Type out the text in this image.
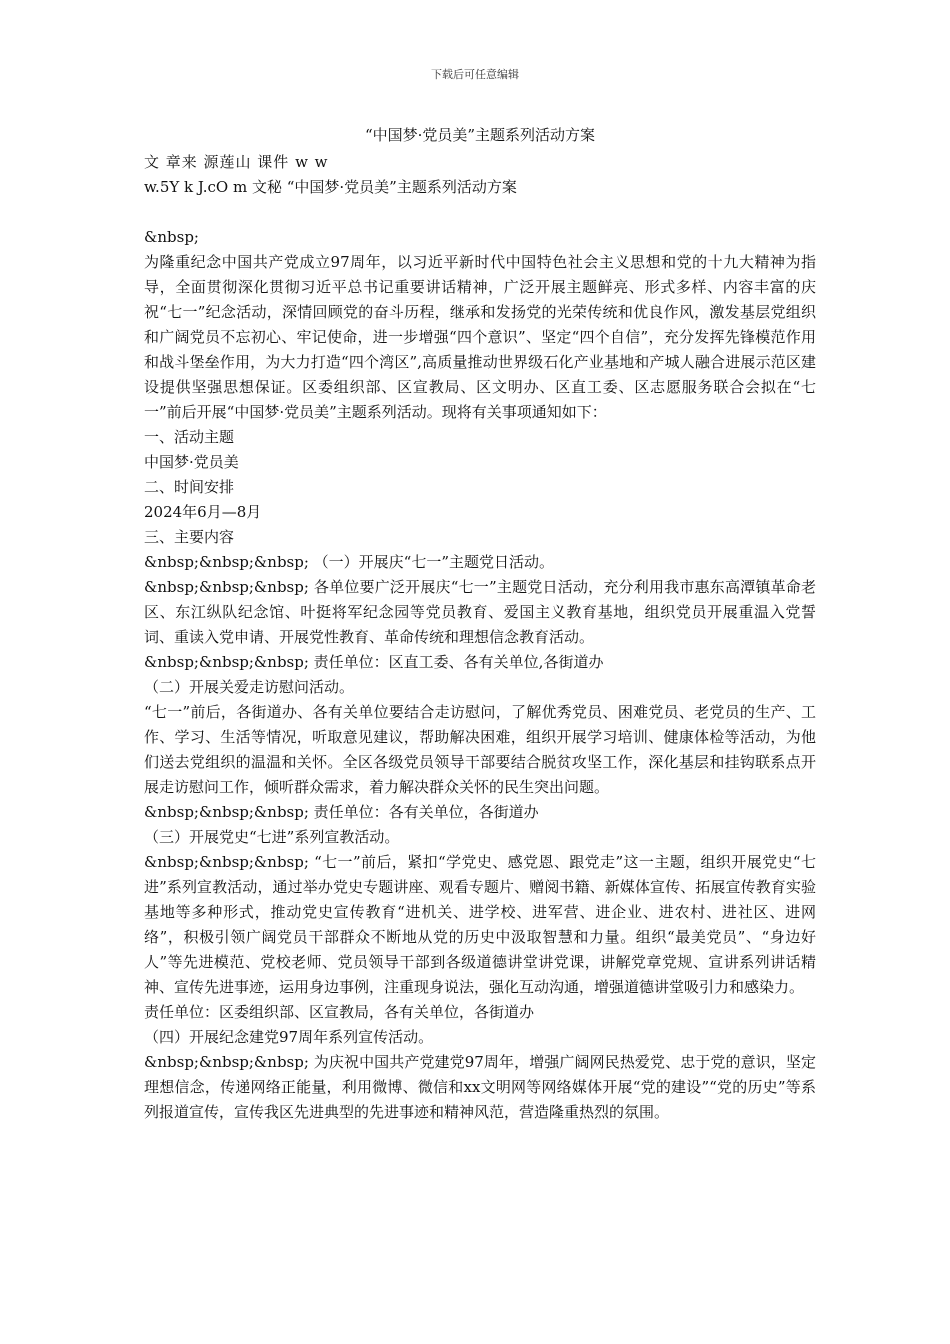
下载后可任意编辑
“中国梦·党员美”主题系列活动方案
文 章来 源莲山 课件 w w
w.5Y k J.cO m 文秘 “中国梦·党员美”主题系列活动方案
&nbsp;
为隆重纪念中国共产党成立97周年，以习近平新时代中国特色社会主义思想和党的十九大精神为指导，全面贯彻深化贯彻习近平总书记重要讲话精神，广泛开展主题鲜亮、形式多样、内容丰富的庆祝“七一”纪念活动，深情回顾党的奋斗历程，继承和发扬党的光荣传统和优良作风，激发基层党组织和广阔党员不忘初心、牢记使命，进一步增强“四个意识”、坚定“四个自信”，充分发挥先锋模范作用和战斗堡垒作用，为大力打造“四个湾区”,高质量推动世界级石化产业基地和产城人融合进展示范区建设提供坚强思想保证。区委组织部、区宣教局、区文明办、区直工委、区志愿服务联合会拟在“七一”前后开展“中国梦·党员美”主题系列活动。现将有关事项通知如下：
一、活动主题
中国梦·党员美
二、时间安排
2024年6月—8月
三、主要内容
&nbsp;&nbsp;&nbsp; （一）开展庆“七一”主题党日活动。
&nbsp;&nbsp;&nbsp; 各单位要广泛开展庆“七一”主题党日活动，充分利用我市惠东高潭镇革命老区、东江纵队纪念馆、叶挺将军纪念园等党员教育、爱国主义教育基地，组织党员开展重温入党誓词、重读入党申请、开展党性教育、革命传统和理想信念教育活动。
&nbsp;&nbsp;&nbsp; 责任单位：区直工委、各有关单位,各街道办
（二）开展关爱走访慰问活动。
“七一”前后，各街道办、各有关单位要结合走访慰问，了解优秀党员、困难党员、老党员的生产、工作、学习、生活等情况，听取意见建议，帮助解决困难，组织开展学习培训、健康体检等活动，为他们送去党组织的温温和关怀。全区各级党员领导干部要结合脱贫攻坚工作，深化基层和挂钩联系点开展走访慰问工作，倾听群众需求，着力解决群众关怀的民生突出问题。
&nbsp;&nbsp;&nbsp; 责任单位：各有关单位，各街道办
（三）开展党史“七进”系列宣教活动。
&nbsp;&nbsp;&nbsp; “七一”前后，紧扣“学党史、感党恩、跟党走”这一主题，组织开展党史“七进”系列宣教活动，通过举办党史专题讲座、观看专题片、赠阅书籍、新媒体宣传、拓展宣传教育实验基地等多种形式，推动党史宣传教育“进机关、进学校、进军营、进企业、进农村、进社区、进网络”，积极引领广阔党员干部群众不断地从党的历史中汲取智慧和力量。组织“最美党员”、“身边好人”等先进模范、党校老师、党员领导干部到各级道德讲堂讲党课，讲解党章党规、宣讲系列讲话精神、宣传先进事迹，运用身边事例，注重现身说法，强化互动沟通，增强道德讲堂吸引力和感染力。
责任单位：区委组织部、区宣教局，各有关单位，各街道办
（四）开展纪念建党97周年系列宣传活动。
&nbsp;&nbsp;&nbsp; 为庆祝中国共产党建党97周年，增强广阔网民热爱党、忠于党的意识，坚定理想信念，传递网络正能量，利用微博、微信和xx文明网等网络媒体开展“党的建设”“党的历史”等系列报道宣传，宣传我区先进典型的先进事迹和精神风范，营造隆重热烈的氛围。
